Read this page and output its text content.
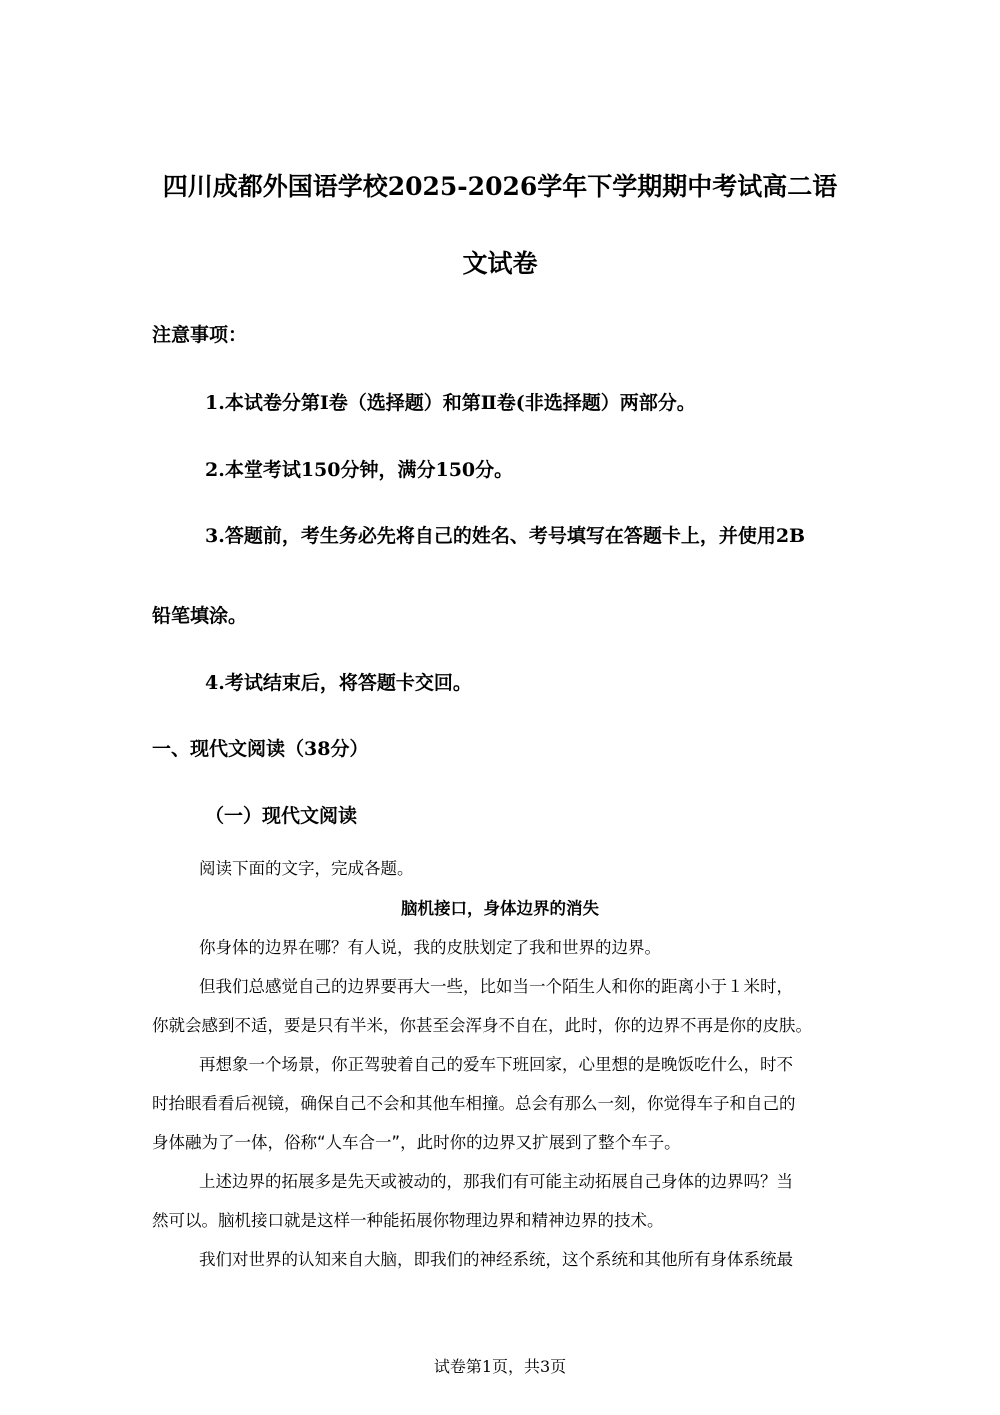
四川成都外国语学校2025-2026学年下学期期中考试高二语
文试卷
注意事项：
1.本试卷分第Ⅰ卷（选择题）和第Ⅱ卷(非选择题）两部分。
2.本堂考试150分钟，满分150分。
3.答题前，考生务必先将自己的姓名、考号填写在答题卡上，并使用2B
铅笔填涂。
4.考试结束后，将答题卡交回。
一、现代文阅读（38分）
（一）现代文阅读
阅读下面的文字，完成各题。
脑机接口，身体边界的消失
你身体的边界在哪？有人说，我的皮肤划定了我和世界的边界。
但我们总感觉自己的边界要再大一些，比如当一个陌生人和你的距离小于１米时，
你就会感到不适，要是只有半米，你甚至会浑身不自在，此时，你的边界不再是你的皮肤。
再想象一个场景，你正驾驶着自己的爱车下班回家，心里想的是晚饭吃什么，时不
时抬眼看看后视镜，确保自己不会和其他车相撞。总会有那么一刻，你觉得车子和自己的
身体融为了一体，俗称“人车合一”，此时你的边界又扩展到了整个车子。
上述边界的拓展多是先天或被动的，那我们有可能主动拓展自己身体的边界吗？当
然可以。脑机接口就是这样一种能拓展你物理边界和精神边界的技术。
我们对世界的认知来自大脑，即我们的神经系统，这个系统和其他所有身体系统最
试卷第1页，共3页
